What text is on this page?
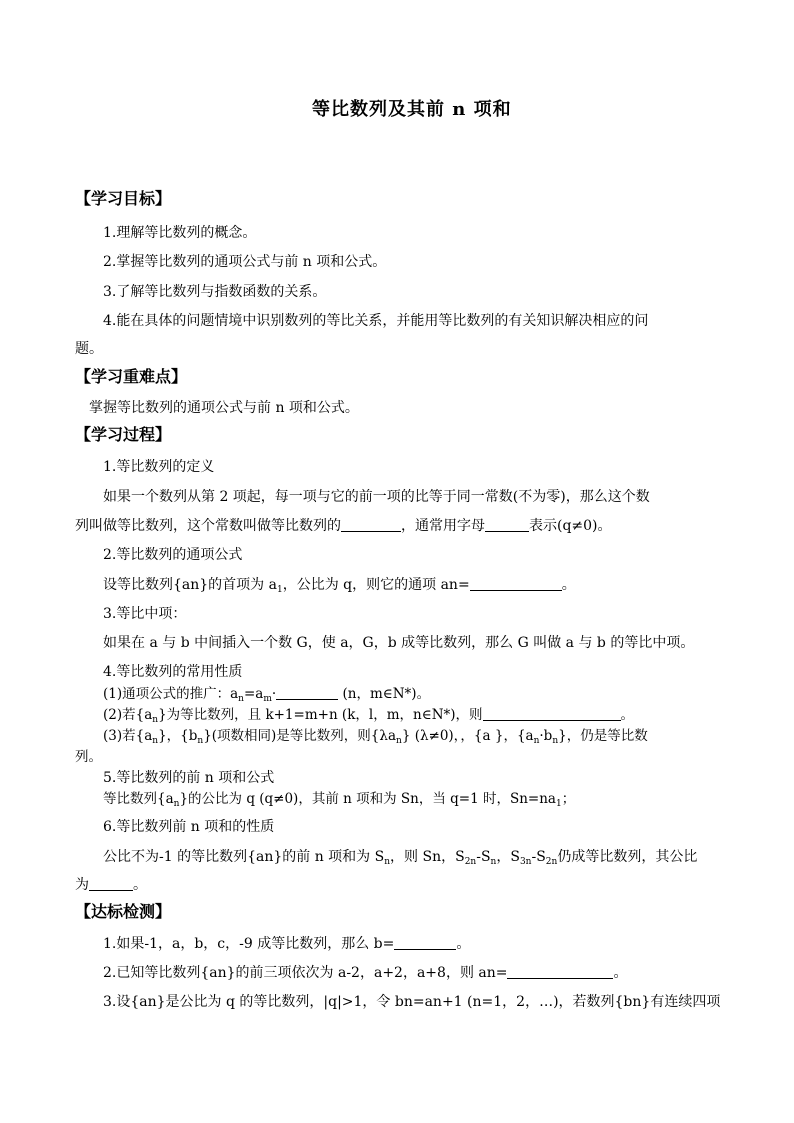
等比数列及其前 n 项和
【学习目标】
1.理解等比数列的概念。
2.掌握等比数列的通项公式与前 n 项和公式。
3.了解等比数列与指数函数的关系。
4.能在具体的问题情境中识别数列的等比关系，并能用等比数列的有关知识解决相应的问
题。
【学习重难点】
掌握等比数列的通项公式与前 n 项和公式。
【学习过程】
1.等比数列的定义
如果一个数列从第 2 项起，每一项与它的前一项的比等于同一常数(不为零)，那么这个数
列叫做等比数列，这个常数叫做等比数列的	，通常用字母	表示(q≠0)。
2.等比数列的通项公式
设等比数列{an}的首项为 $a_1$，公比为 q，则它的通项 an=	。
3.等比中项：
如果在 a 与 b 中间插入一个数 G，使 a，G，b 成等比数列，那么 G 叫做 a 与 b 的等比中项。
4.等比数列的常用性质
(1)通项公式的推广：$a_n=a_m\cdot$	(n，m∈N*)。
(2)若$\{a_n\}$为等比数列，且 k+1=m+n (k，l，m，n∈N*)，则	。
(3)若$\{a_n\}$，$\{b_n\}$(项数相同)是等比数列，则$\{\lambda a_n\}$ (λ≠0)，，{a }，$\{a_n\cdot b_n\}$，仍是等比数
列。
5.等比数列的前 n 项和公式
等比数列$\{a_n\}$的公比为 q (q≠0)，其前 n 项和为 Sn，当 q=1 时，$Sn=na_1$；
6.等比数列前 n 项和的性质
公比不为-1 的等比数列{an}的前 n 项和为 $S_n$，则 Sn，$S_{2n}-S_n$，$S_{3n}-S_{2n}$仍成等比数列，其公比
为	。
【达标检测】
1.如果-1，a，b，c，-9 成等比数列，那么 b=	。
2.已知等比数列{an}的前三项依次为 a-2，a+2，a+8，则 an=	。
3.设{an}是公比为 q 的等比数列，|q|>1，令 bn=an+1 (n=1，2，…)，若数列{bn}有连续四项
